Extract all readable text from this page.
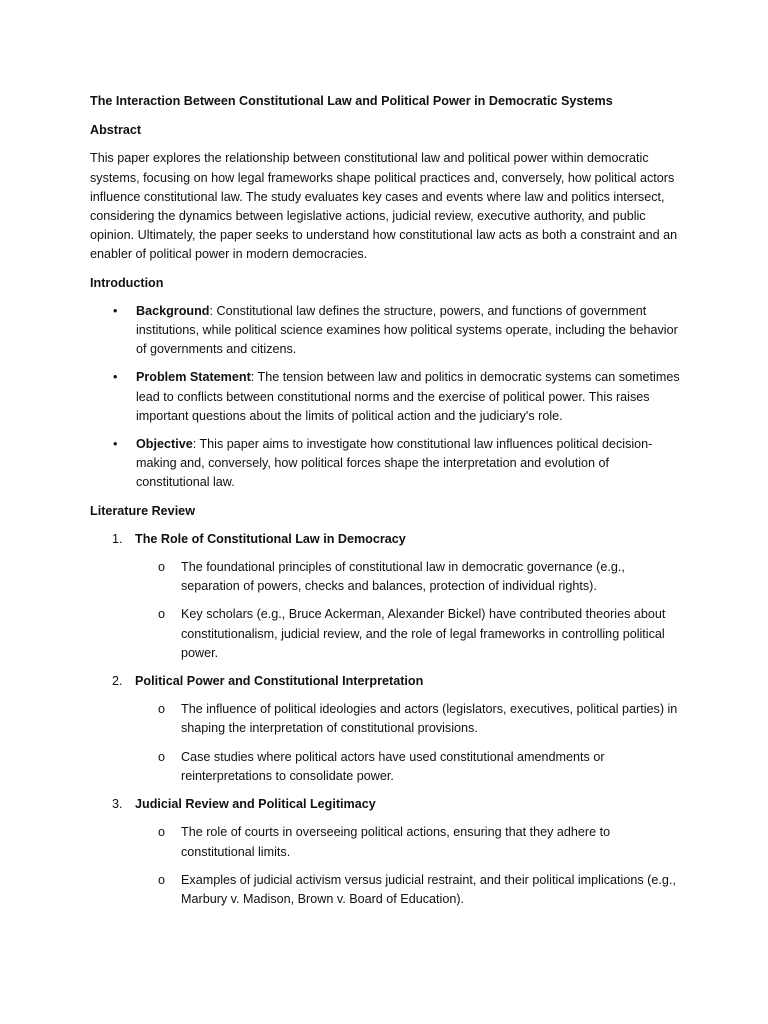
The Interaction Between Constitutional Law and Political Power in Democratic Systems
Abstract

This paper explores the relationship between constitutional law and political power within democratic systems, focusing on how legal frameworks shape political practices and, conversely, how political actors influence constitutional law. The study evaluates key cases and events where law and politics intersect, considering the dynamics between legislative actions, judicial review, executive authority, and public opinion. Ultimately, the paper seeks to understand how constitutional law acts as both a constraint and an enabler of political power in modern democracies.

Introduction
• Background: Constitutional law defines the structure, powers, and functions of government institutions, while political science examines how political systems operate, including the behavior of governments and citizens.
• Problem Statement: The tension between law and politics in democratic systems can sometimes lead to conflicts between constitutional norms and the exercise of political power. This raises important questions about the limits of political action and the judiciary's role.
• Objective: This paper aims to investigate how constitutional law influences political decision-making and, conversely, how political forces shape the interpretation and evolution of constitutional law.
Literature Review
1. The Role of Constitutional Law in Democracy
o The foundational principles of constitutional law in democratic governance (e.g., separation of powers, checks and balances, protection of individual rights).
o Key scholars (e.g., Bruce Ackerman, Alexander Bickel) have contributed theories about constitutionalism, judicial review, and the role of legal frameworks in controlling political power.
2. Political Power and Constitutional Interpretation
o The influence of political ideologies and actors (legislators, executives, political parties) in shaping the interpretation of constitutional provisions.
o Case studies where political actors have used constitutional amendments or reinterpretations to consolidate power.
3. Judicial Review and Political Legitimacy
o The role of courts in overseeing political actions, ensuring that they adhere to constitutional limits.
o Examples of judicial activism versus judicial restraint, and their political implications (e.g., Marbury v. Madison, Brown v. Board of Education).
